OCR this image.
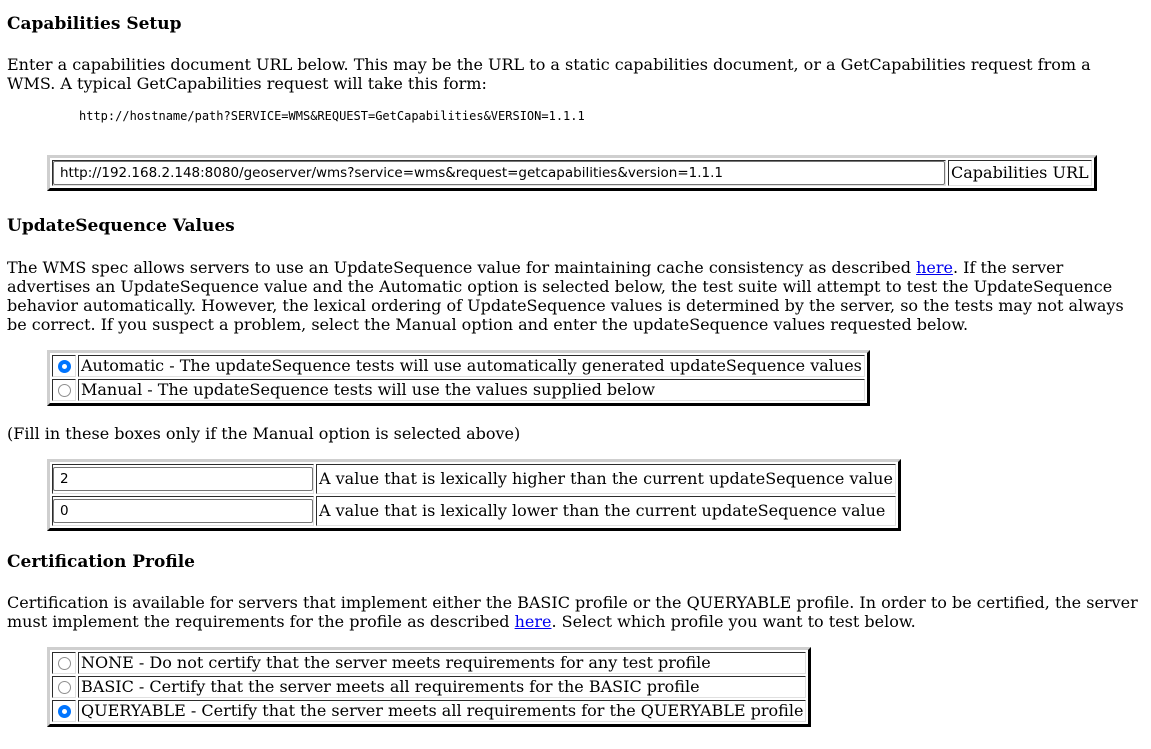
Capabilities Setup

Enter a capabilities document URL below. This may be the URL to a static capabilities document, or a GetCapabilities request from a WMS. A typical GetCapabilities request will take this form:

http://hostname/path?SERVICE=WMS&REQUEST=GetCapabilities&VERSION=1.1.1
http://192.168.2.148:8080/geoserver/wms?service=wms&request=getcapabilities&version=1.1.1	Capabilities URL
UpdateSequence Values

The WMS spec allows servers to use an UpdateSequence value for maintaining cache consistency as described here. If the server advertises an UpdateSequence value and the Automatic option is selected below, the test suite will attempt to test the UpdateSequence behavior automatically. However, the lexical ordering of UpdateSequence values is determined by the server, so the tests may not always be correct. If you suspect a problem, select the Manual option and enter the updateSequence values requested below.

	Automatic - The updateSequence tests will use automatically generated updateSequence values
	Manual - The updateSequence tests will use the values supplied below

(Fill in these boxes only if the Manual option is selected above)

2	A value that is lexically higher than the current updateSequence value
0	A value that is lexically lower than the current updateSequence value
Certification Profile

Certification is available for servers that implement either the BASIC profile or the QUERYABLE profile. In order to be certified, the server must implement the requirements for the profile as described here. Select which profile you want to test below.

	NONE - Do not certify that the server meets requirements for any test profile
	BASIC - Certify that the server meets all requirements for the BASIC profile
	QUERYABLE - Certify that the server meets all requirements for the QUERYABLE profile
